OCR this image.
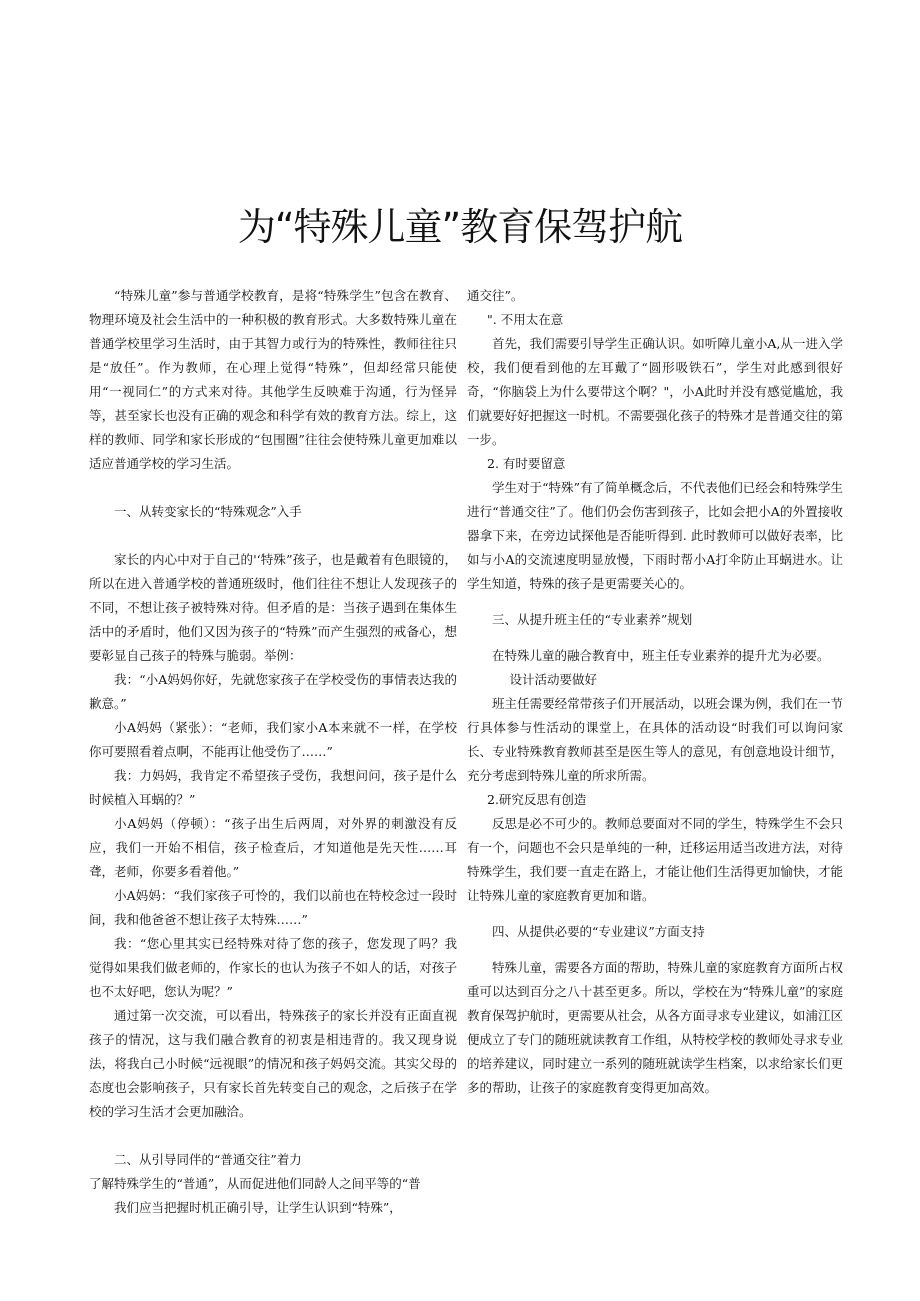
为“特殊儿童”教育保驾护航

“特殊儿童”参与普通学校教育，是将“特殊学生”包含在教育、物理环境及社会生活中的一种积极的教育形式。大多数特殊儿童在普通学校里学习生活时，由于其智力或行为的特殊性，教师往往只是“放任”。作为教师，在心理上觉得“特殊”，但却经常只能使用“一视同仁”的方式来对待。其他学生反映难于沟通，行为怪异等，甚至家长也没有正确的观念和科学有效的教育方法。综上，这样的教师、同学和家长形成的“包围圈”往往会使特殊儿童更加难以适应普通学校的学习生活。

一、从转变家长的“特殊观念”入手

家长的内心中对于自己的'‘特殊”孩子，也是戴着有色眼镜的，所以在进入普通学校的普通班级时，他们往往不想让人发现孩子的不同，不想让孩子被特殊对待。但矛盾的是：当孩子遇到在集体生活中的矛盾时，他们又因为孩子的“特殊”而产生强烈的戒备心，想要彰显自己孩子的特殊与脆弱。举例：

我：“小A妈妈你好，先就您家孩子在学校受伤的事情表达我的歉意。”

小A妈妈（紧张）：“老师，我们家小A本来就不一样，在学校你可要照看着点啊，不能再让他受伤了……”

我：力妈妈，我肯定不希望孩子受伤，我想问问，孩子是什么时候植入耳蜗的？”

小A妈妈（停顿）：“孩子出生后两周，对外界的刺激没有反应，我们一开始不相信，孩子检查后，才知道他是先天性……耳聋，老师，你要多看着他。”

小A妈妈：“我们家孩子可怜的，我们以前也在特校念过一段时间，我和他爸爸不想让孩子太特殊……”

我：“您心里其实已经特殊对待了您的孩子，您发现了吗？我觉得如果我们做老师的，作家长的也认为孩子不如人的话，对孩子也不太好吧，您认为呢？”

通过第一次交流，可以看出，特殊孩子的家长并没有正面直视孩子的情况，这与我们融合教育的初衷是相违背的。我又现身说法，将我白己小时候“远视眼”的情况和孩子妈妈交流。其实父母的态度也会影响孩子，只有家长首先转变自己的观念，之后孩子在学校的学习生活才会更加融洽。

二、从引导同伴的“普通交往”着力

了解特殊学生的“普通”，从而促进他们同龄人之间平等的“普

我们应当把握时机正确引导，让学生认识到“特殊”，

通交往”。

". 不用太在意

首先，我们需要引导学生正确认识。如听障儿童小A,从一进入学校，我们便看到他的左耳戴了“圆形吸铁石”，学生对此感到很好奇，“你脑袋上为什么要带这个啊？"，小A此时并没有感觉尴尬，我们就要好好把握这一时机。不需要强化孩子的特殊才是普通交往的第一步。

2. 有时要留意

学生对于“特殊”有了简单概念后，不代表他们已经会和特殊学生进行“普通交往”了。他们仍会伤害到孩子，比如会把小A的外置接收器拿下来，在旁边试探他是否能听得到. 此时教师可以做好表率，比如与小A的交流速度明显放慢，下雨时帮小A打伞防止耳蜗进水。让学生知道，特殊的孩子是更需要关心的。

三、从提升班主任的“专业素养”规划

在特殊儿童的融合教育中，班主任专业素养的提升尤为必要。

设计活动要做好

班主任需要经常带孩子们开展活动，以班会课为例，我们在一节行具体参与性活动的课堂上，在具体的活动设“时我们可以询问家长、专业特殊教育教师甚至是医生等人的意见，有创意地设计细节，充分考虑到特殊儿童的所求所需。

2.研究反思有创造

反思是必不可少的。教师总要面对不同的学生，特殊学生不会只有一个，问题也不会只是单纯的一种，迁移运用适当改进方法，对待特殊学生，我们要一直走在路上，才能让他们生活得更加愉快，才能让特殊儿童的家庭教育更加和谐。

四、从提供必要的“专业建议”方面支持

特殊儿童，需要各方面的帮助，特殊儿童的家庭教育方面所占权重可以达到百分之八十甚至更多。所以，学校在为“特殊儿童”的家庭教育保驾护航时，更需要从社会，从各方面寻求专业建议，如浦江区便成立了专门的随班就读教育工作组，从特校学校的教师处寻求专业的培养建议，同时建立一系列的随班就读学生档案，以求给家长们更多的帮助，让孩子的家庭教育变得更加高效。
